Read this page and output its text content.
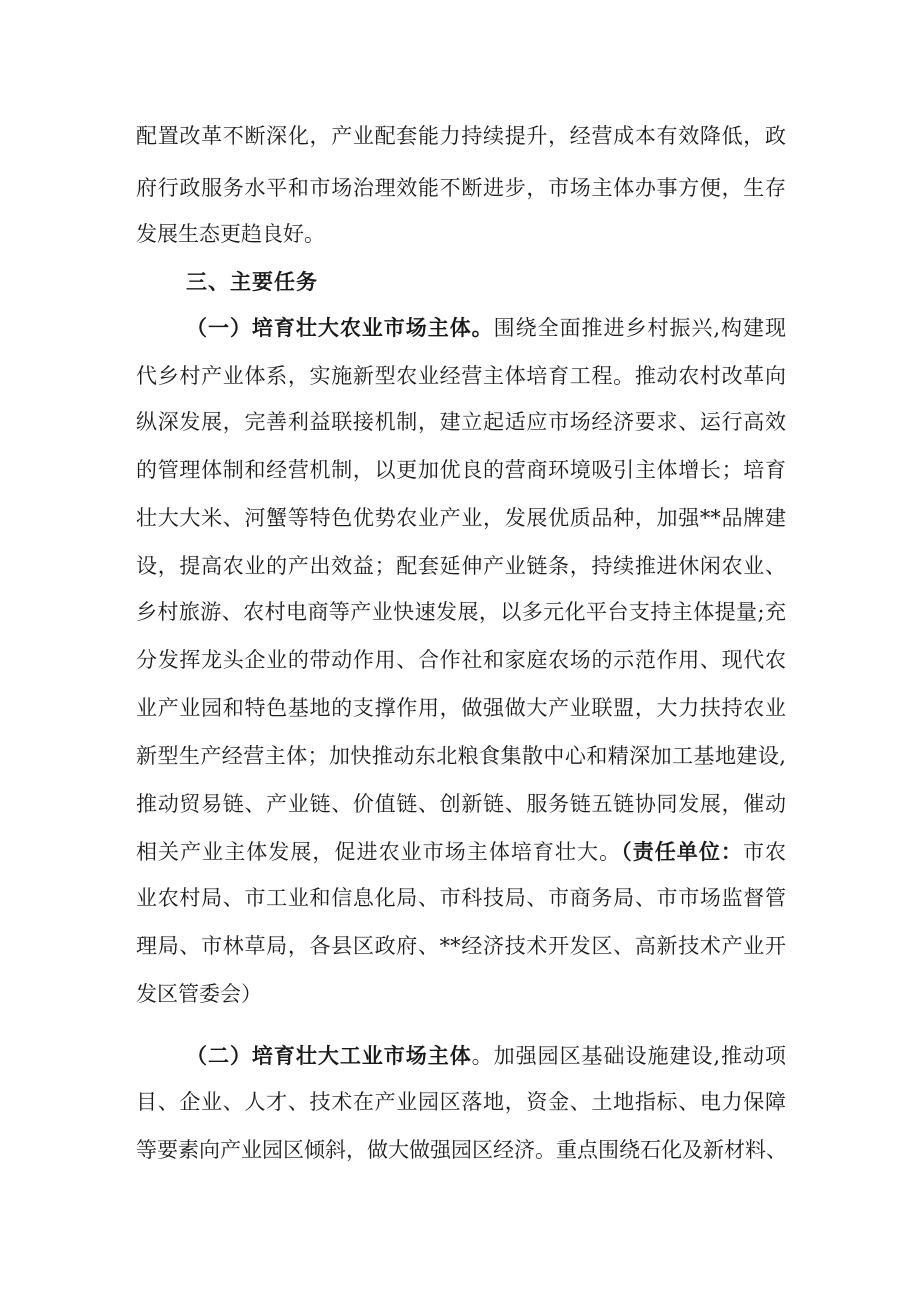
配置改革不断深化，产业配套能力持续提升，经营成本有效降低，政
府行政服务水平和市场治理效能不断进步，市场主体办事方便，生存
发展生态更趋良好。
三、主要任务
（一）培育壮大农业市场主体。围绕全面推进乡村振兴,构建现
代乡村产业体系，实施新型农业经营主体培育工程。推动农村改革向
纵深发展，完善利益联接机制，建立起适应市场经济要求、运行高效
的管理体制和经营机制，以更加优良的营商环境吸引主体增长；培育
壮大大米、河蟹等特色优势农业产业，发展优质品种，加强**品牌建
设，提高农业的产出效益；配套延伸产业链条，持续推进休闲农业、
乡村旅游、农村电商等产业快速发展，以多元化平台支持主体提量;充
分发挥龙头企业的带动作用、合作社和家庭农场的示范作用、现代农
业产业园和特色基地的支撑作用，做强做大产业联盟，大力扶持农业
新型生产经营主体；加快推动东北粮食集散中心和精深加工基地建设,
推动贸易链、产业链、价值链、创新链、服务链五链协同发展，催动
相关产业主体发展，促进农业市场主体培育壮大。（责任单位：市农
业农村局、市工业和信息化局、市科技局、市商务局、市市场监督管
理局、市林草局，各县区政府、**经济技术开发区、高新技术产业开
发区管委会）
（二）培育壮大工业市场主体。加强园区基础设施建设,推动项
目、企业、人才、技术在产业园区落地，资金、土地指标、电力保障
等要素向产业园区倾斜，做大做强园区经济。重点围绕石化及新材料、
